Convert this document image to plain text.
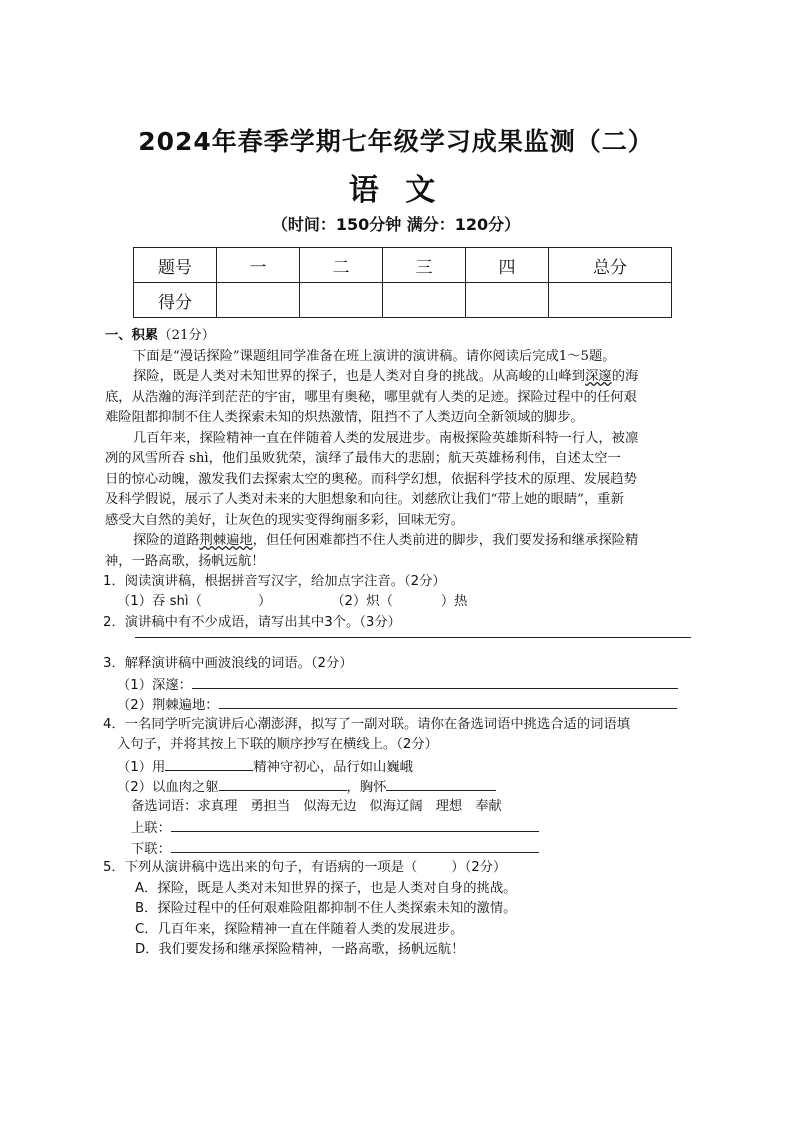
2024年春季学期七年级学习成果监测（二）
语 文
（时间：150分钟 满分：120分）
题号	一	二	三	四	总分
得分					
一、积累（21分）
下面是“漫话探险”课题组同学准备在班上演讲的演讲稿。请你阅读后完成1～5题。
探险，既是人类对未知世界的探子，也是人类对自身的挑战。从高峻的山峰到深邃的海
底，从浩瀚的海洋到茫茫的宇宙，哪里有奥秘，哪里就有人类的足迹。探险过程中的任何艰
难险阻都抑制不住人类探索未知的炽热激情，阻挡不了人类迈向全新领域的脚步。
几百年来，探险精神一直在伴随着人类的发展进步。南极探险英雄斯科特一行人，被凛
冽的风雪所吞 shì，他们虽败犹荣，演绎了最伟大的悲剧；航天英雄杨利伟，自述太空一
日的惊心动魄，激发我们去探索太空的奥秘。而科学幻想，依据科学技术的原理、发展趋势
及科学假说，展示了人类对未来的大胆想象和向往。刘慈欣让我们“带上她的眼睛”，重新
感受大自然的美好，让灰色的现实变得绚丽多彩，回味无穷。
探险的道路荆棘遍地，但任何困难都挡不住人类前进的脚步，我们要发扬和继承探险精
神，一路高歌，扬帆远航！
1．阅读演讲稿，根据拼音写汉字，给加点字注音。（2分）
（1）吞 shì（	）	（2）炽（	）热
2．演讲稿中有不少成语，请写出其中3个。（3分）
3．解释演讲稿中画波浪线的词语。（2分）
（1）深邃：
（2）荆棘遍地：
4．一名同学听完演讲后心潮澎湃，拟写了一副对联。请你在备选词语中挑选合适的词语填
入句子，并将其按上下联的顺序抄写在横线上。（2分）
（1）用	精神守初心，品行如山巍峨
（2）以血肉之躯	，胸怀
备选词语：求真理 勇担当 似海无边 似海辽阔 理想 奉献
上联：
下联：
5．下列从演讲稿中选出来的句子，有语病的一项是（	）（2分）
A．探险，既是人类对未知世界的探子，也是人类对自身的挑战。
B．探险过程中的任何艰难险阻都抑制不住人类探索未知的激情。
C．几百年来，探险精神一直在伴随着人类的发展进步。
D．我们要发扬和继承探险精神，一路高歌，扬帆远航！
